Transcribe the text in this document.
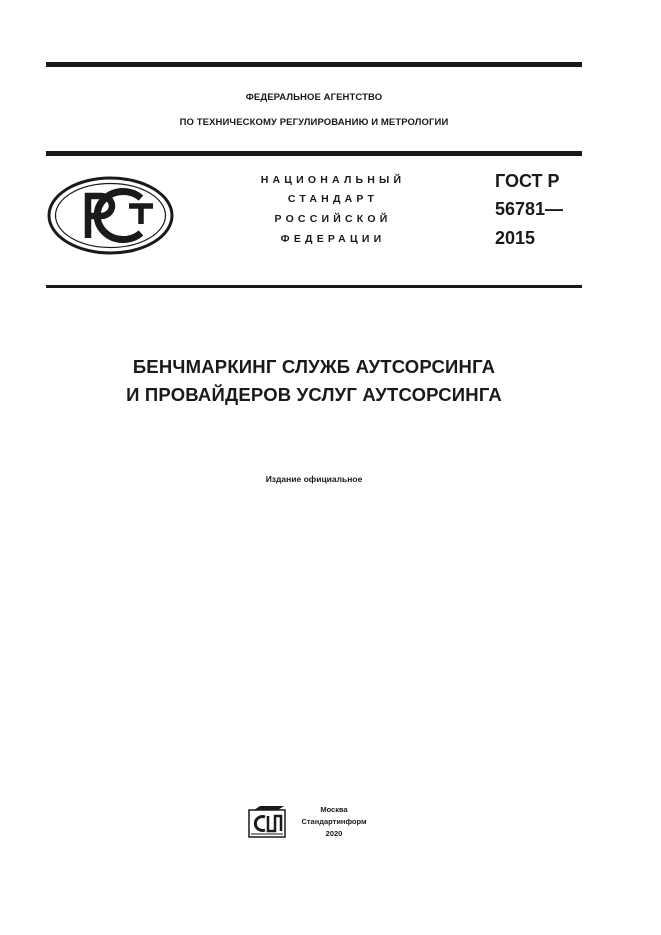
ФЕДЕРАЛЬНОЕ АГЕНТСТВО
ПО ТЕХНИЧЕСКОМУ РЕГУЛИРОВАНИЮ И МЕТРОЛОГИИ
НАЦИОНАЛЬНЫЙ
СТАНДАРТ
РОССИЙСКОЙ
ФЕДЕРАЦИИ
ГОСТ Р
56781—
2015
БЕНЧМАРКИНГ СЛУЖБ АУТСОРСИНГА
И ПРОВАЙДЕРОВ УСЛУГ АУТСОРСИНГА
Издание официальное
Москва
Стандартинформ
2020
